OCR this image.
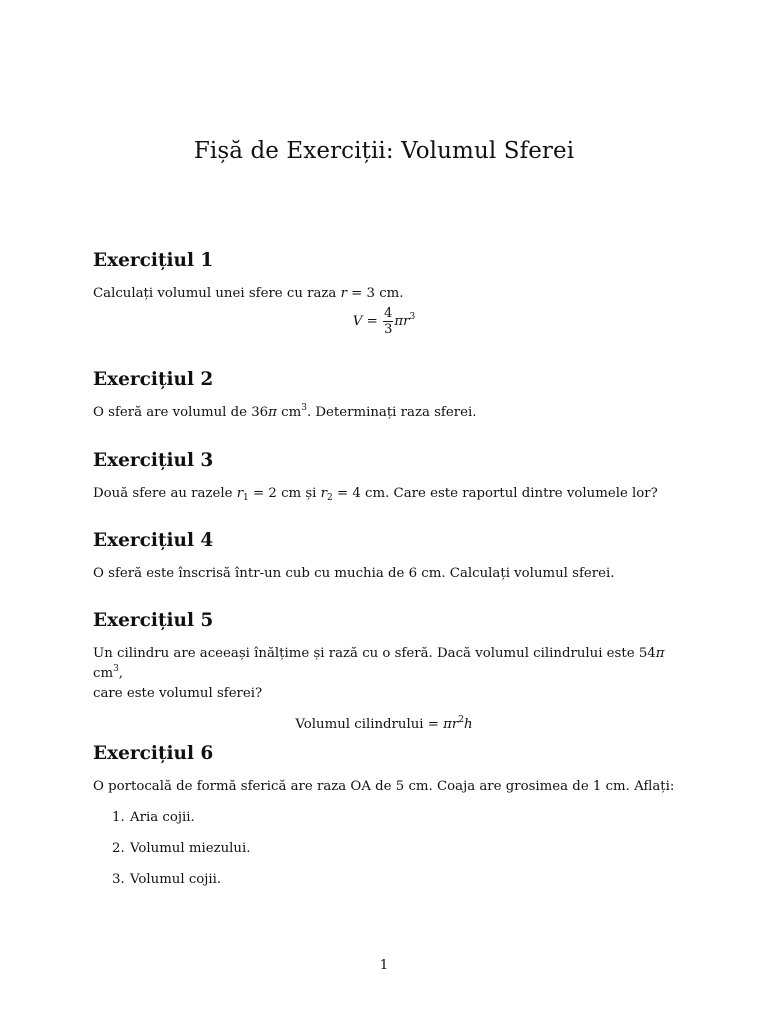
Fișă de Exerciții: Volumul Sferei
Exercițiul 1

Calculați volumul unei sfere cu raza r = 3 cm.

$V = \frac{4}{3} \pi r^3$
Exercițiul 2

O sferă are volumul de 36π $cm^3$. Determinați raza sferei.

Exercițiul 3

Două sfere au razele $r_1 = 2$ cm și $r_2 = 4$ cm. Care este raportul dintre volumele lor?

Exercițiul 4

O sferă este înscrisă într-un cub cu muchia de 6 cm. Calculați volumul sferei.

Exercițiul 5

Un cilindru are aceeași înălțime și rază cu o sferă. Dacă volumul cilindrului este 54π $cm^3$,
care este volumul sferei?

Volumul cilindrului = $\pi r^2h$
Exercițiul 6

O portocală de formă sferică are raza OA de 5 cm. Coaja are grosimea de 1 cm. Aflați:

1. Aria cojii.
2. Volumul miezului.
3. Volumul cojii.
1
